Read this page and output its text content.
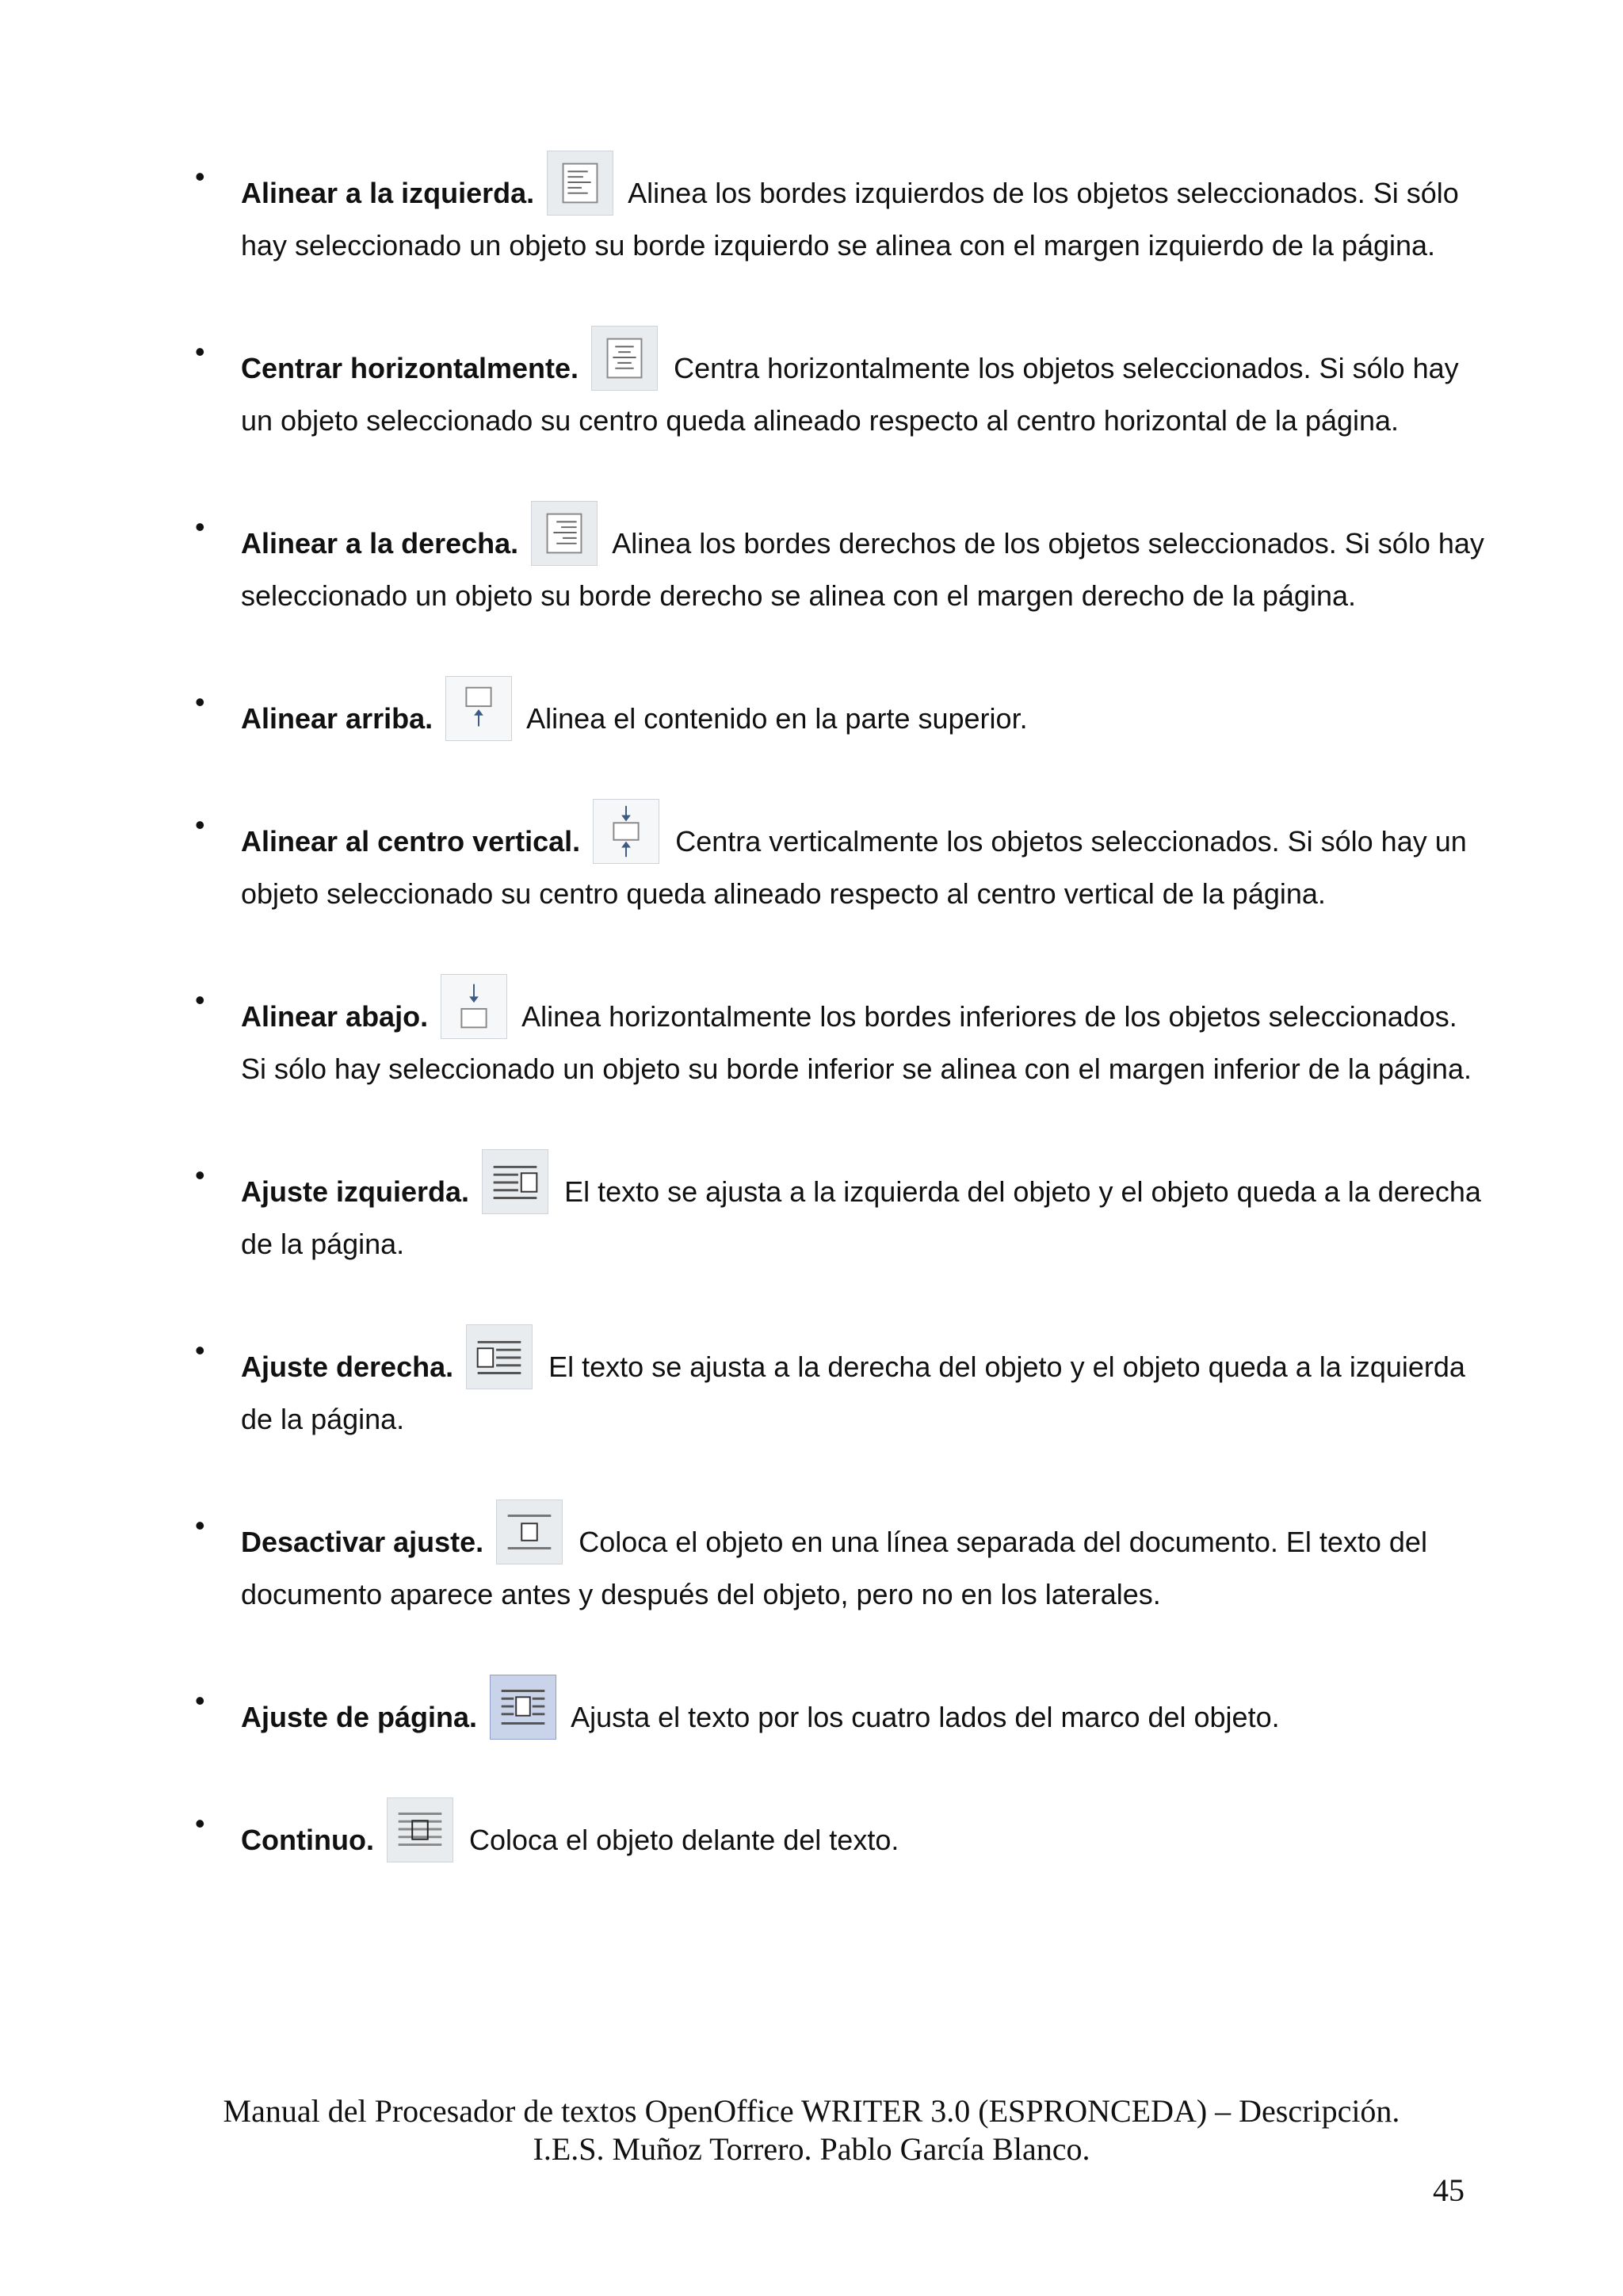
•
Alinear a la izquierda.	Alinea los bordes izquierdos de los objetos seleccionados. Si sólo hay seleccionado un objeto su borde izquierdo se alinea con el margen izquierdo de la página.
•
Centrar horizontalmente.	Centra horizontalmente los objetos seleccionados. Si sólo hay un objeto seleccionado su centro queda alineado respecto al centro horizontal de la página.
•
Alinear a la derecha.	Alinea los bordes derechos de los objetos seleccionados. Si sólo hay seleccionado un objeto su borde derecho se alinea con el margen derecho de la página.
•
Alinear arriba.	Alinea el contenido en la parte superior.
•
Alinear al centro vertical.	Centra verticalmente los objetos seleccionados. Si sólo hay un objeto seleccionado su centro queda alineado respecto al centro vertical de la página.
•
Alinear abajo.	Alinea horizontalmente los bordes inferiores de los objetos seleccionados. Si sólo hay seleccionado un objeto su borde inferior se alinea con el margen inferior de la página.
•
Ajuste izquierda.	El texto se ajusta a la izquierda del objeto y el objeto queda a la derecha de la página.
•
Ajuste derecha.	El texto se ajusta a la derecha del objeto y el objeto queda a la izquierda de la página.
•
Desactivar ajuste.	Coloca el objeto en una línea separada del documento. El texto del documento aparece antes y después del objeto, pero no en los laterales.
•
Ajuste de página.	Ajusta el texto por los cuatro lados del marco del objeto.
•
Continuo.	Coloca el objeto delante del texto.
Manual del Procesador de textos OpenOffice WRITER 3.0 (ESPRONCEDA) – Descripción.
I.E.S. Muñoz Torrero. Pablo García Blanco.
45
